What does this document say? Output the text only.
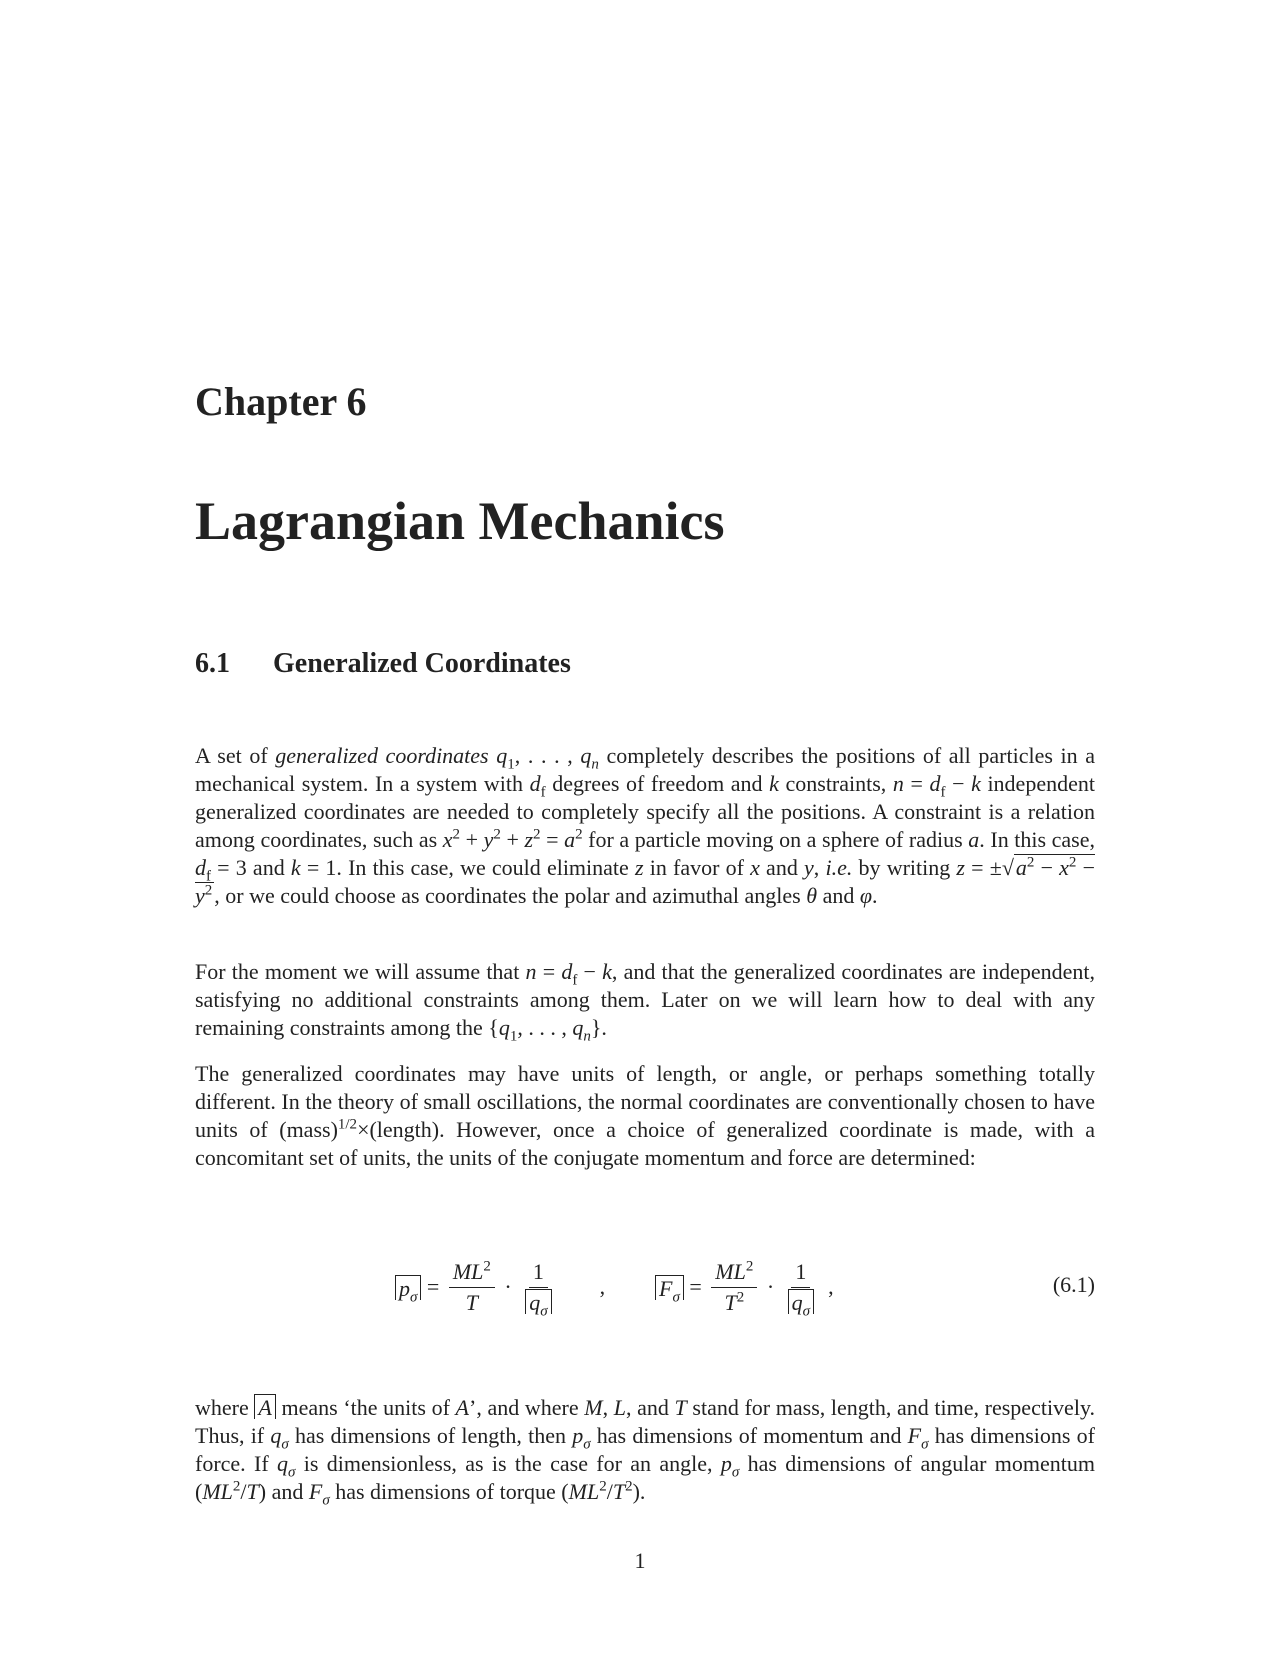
Chapter 6
Lagrangian Mechanics
6.1 Generalized Coordinates

A set of generalized coordinates $q_1$, . . . , $q_n$ completely describes the positions of all particles in a mechanical system. In a system with $d_f$ degrees of freedom and k constraints, $n = d_f - k$ independent generalized coordinates are needed to completely specify all the positions. A constraint is a relation among coordinates, such as $x^2 + y^2 + z^2 = a^2$ for a particle moving on a sphere of radius a. In this case, $d_f = 3$ and k = 1. In this case, we could eliminate z in favor of x and y, i.e. by writing $z = \pm√a^2 - x^2 - y^2$, or we could choose as coordinates the polar and azimuthal angles θ and φ.

For the moment we will assume that $n = d_f - k$, and that the generalized coordinates are independent, satisfying no additional constraints among them. Later on we will learn how to deal with any remaining constraints among the {$q_1$, . . . , $q_n$}.

The generalized coordinates may have units of length, or angle, or perhaps something totally different. In the theory of small oscillations, the normal coordinates are conventionally chosen to have units of (mass)$^{1/2}$×(length). However, once a choice of generalized coordinate is made, with a concomitant set of units, the units of the conjugate momentum and force are determined:

$p_\sigma = \frac{ML^2}{T} \cdot \frac{1}{q_\sigma}$ , $F_\sigma = \frac{ML^2}{T^2} \cdot \frac{1}{q_\sigma}$ ,	(6.1)

where A means ‘the units of A’, and where M, L, and T stand for mass, length, and time, respectively. Thus, if $q_\sigma$ has dimensions of length, then $p_\sigma$ has dimensions of momentum and $F_\sigma$ has dimensions of force. If $q_\sigma$ is dimensionless, as is the case for an angle, $p_\sigma$ has dimensions of angular momentum $(ML^2/T)$ and $F_\sigma$ has dimensions of torque $(ML^2/T^2)$.

1
